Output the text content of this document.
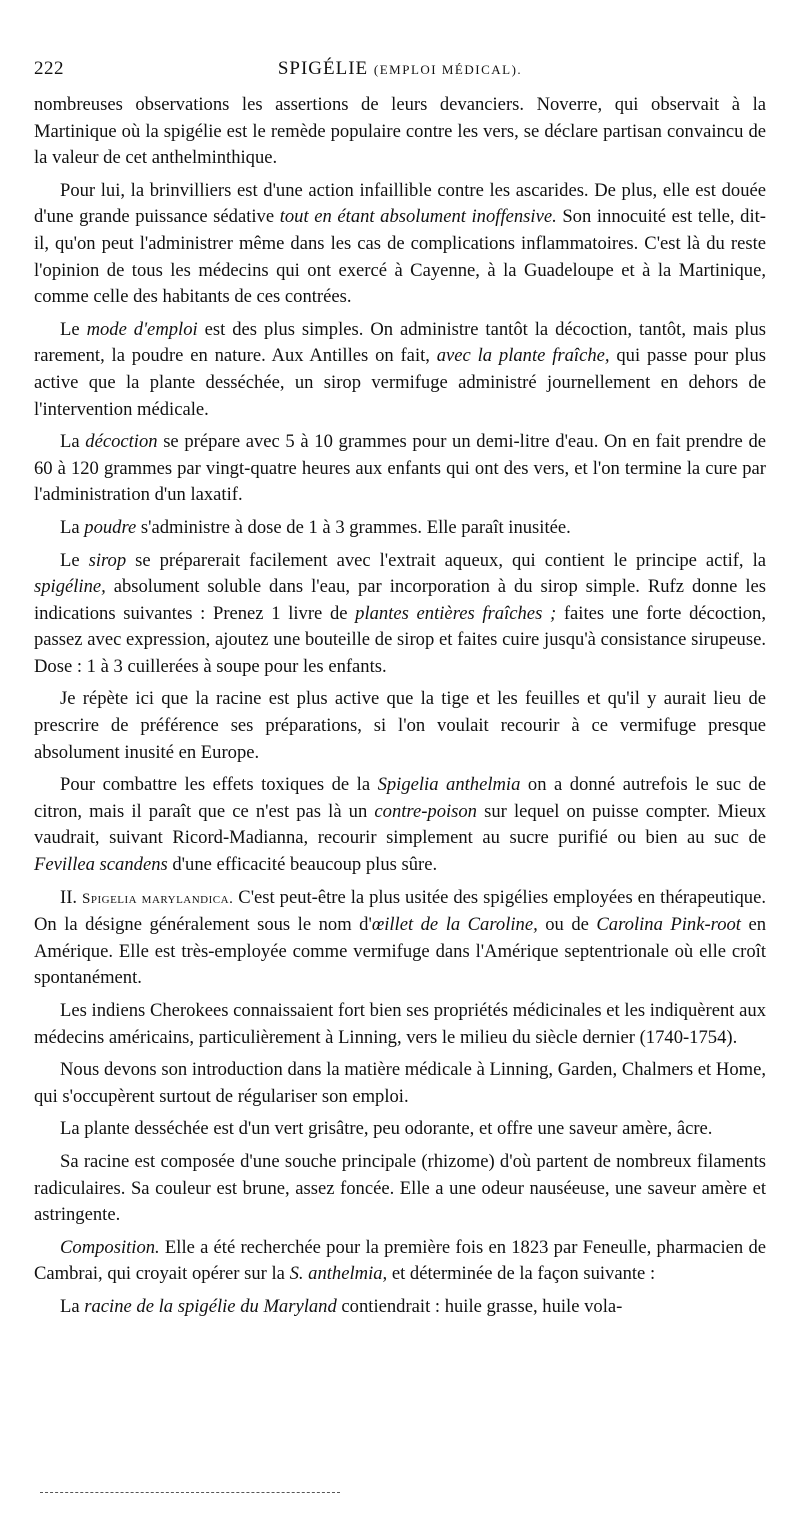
222	SPIGÉLIE (EMPLOI MÉDICAL).

nombreuses observations les assertions de leurs devanciers. Noverre, qui observait à la Martinique où la spigélie est le remède populaire contre les vers, se déclare partisan convaincu de la valeur de cet anthelminthique.

Pour lui, la brinvilliers est d'une action infaillible contre les ascarides. De plus, elle est douée d'une grande puissance sédative tout en étant absolument inoffensive. Son innocuité est telle, dit-il, qu'on peut l'administrer même dans les cas de complications inflammatoires. C'est là du reste l'opinion de tous les médecins qui ont exercé à Cayenne, à la Guadeloupe et à la Martinique, comme celle des habitants de ces contrées.

Le mode d'emploi est des plus simples. On administre tantôt la décoction, tantôt, mais plus rarement, la poudre en nature. Aux Antilles on fait, avec la plante fraîche, qui passe pour plus active que la plante desséchée, un sirop vermifuge administré journellement en dehors de l'intervention médicale.

La décoction se prépare avec 5 à 10 grammes pour un demi-litre d'eau. On en fait prendre de 60 à 120 grammes par vingt-quatre heures aux enfants qui ont des vers, et l'on termine la cure par l'administration d'un laxatif.

La poudre s'administre à dose de 1 à 3 grammes. Elle paraît inusitée.

Le sirop se préparerait facilement avec l'extrait aqueux, qui contient le principe actif, la spigéline, absolument soluble dans l'eau, par incorporation à du sirop simple. Rufz donne les indications suivantes : Prenez 1 livre de plantes entières fraîches ; faites une forte décoction, passez avec expression, ajoutez une bouteille de sirop et faites cuire jusqu'à consistance sirupeuse. Dose : 1 à 3 cuillerées à soupe pour les enfants.

Je répète ici que la racine est plus active que la tige et les feuilles et qu'il y aurait lieu de prescrire de préférence ses préparations, si l'on voulait recourir à ce vermifuge presque absolument inusité en Europe.

Pour combattre les effets toxiques de la Spigelia anthelmia on a donné autrefois le suc de citron, mais il paraît que ce n'est pas là un contre-poison sur lequel on puisse compter. Mieux vaudrait, suivant Ricord-Madianna, recourir simplement au sucre purifié ou bien au suc de Fevillea scandens d'une efficacité beaucoup plus sûre.

II. Spigelia marylandica. C'est peut-être la plus usitée des spigélies employées en thérapeutique. On la désigne généralement sous le nom d'œillet de la Caroline, ou de Carolina Pink-root en Amérique. Elle est très-employée comme vermifuge dans l'Amérique septentrionale où elle croît spontanément.

Les indiens Cherokees connaissaient fort bien ses propriétés médicinales et les indiquèrent aux médecins américains, particulièrement à Linning, vers le milieu du siècle dernier (1740-1754).

Nous devons son introduction dans la matière médicale à Linning, Garden, Chalmers et Home, qui s'occupèrent surtout de régulariser son emploi.

La plante desséchée est d'un vert grisâtre, peu odorante, et offre une saveur amère, âcre.

Sa racine est composée d'une souche principale (rhizome) d'où partent de nombreux filaments radiculaires. Sa couleur est brune, assez foncée. Elle a une odeur nauséeuse, une saveur amère et astringente.

Composition. Elle a été recherchée pour la première fois en 1823 par Feneulle, pharmacien de Cambrai, qui croyait opérer sur la S. anthelmia, et déterminée de la façon suivante :

La racine de la spigélie du Maryland contiendrait : huile grasse, huile vola-
